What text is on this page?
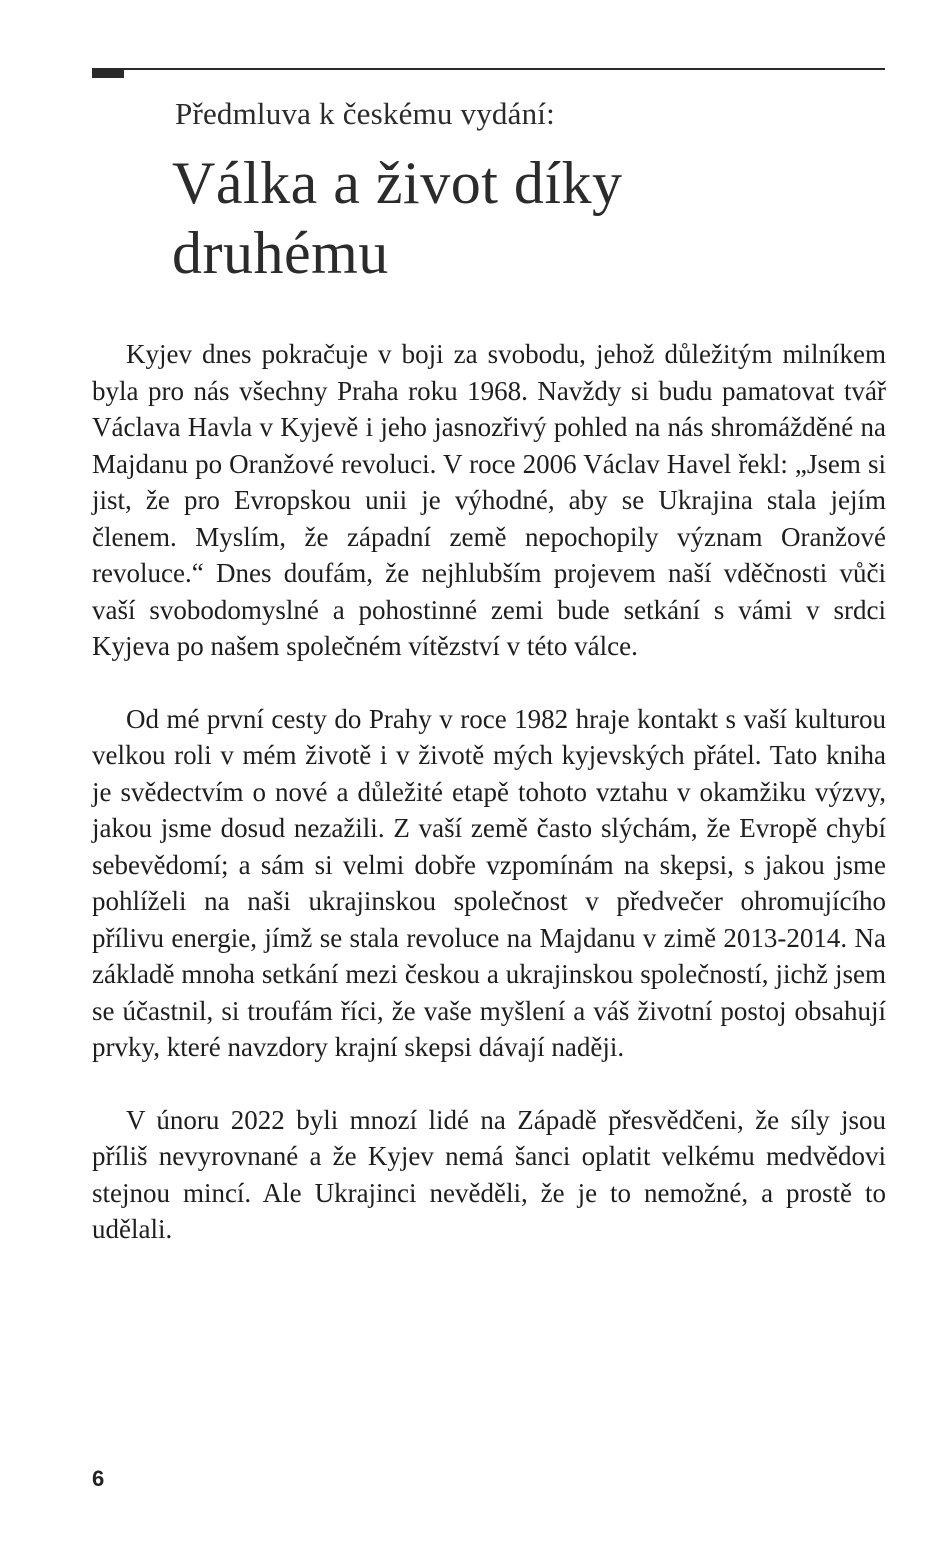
Předmluva k českému vydání:
Válka a život díky druhému

Kyjev dnes pokračuje v boji za svobodu, jehož důležitým milníkem byla pro nás všechny Praha roku 1968. Navždy si budu pamatovat tvář Václava Havla v Kyjevě i jeho jasnozřivý pohled na nás shromážděné na Majdanu po Oranžové revoluci. V roce 2006 Václav Havel řekl: „Jsem si jist, že pro Evropskou unii je výhodné, aby se Ukrajina stala jejím členem. Myslím, že západní země nepochopily význam Oranžové revoluce.“ Dnes doufám, že nejhlubším projevem naší vděčnosti vůči vaší svobodomyslné a pohostinné zemi bude setkání s vámi v srdci Kyjeva po našem společném vítězství v této válce.

Od mé první cesty do Prahy v roce 1982 hraje kontakt s vaší kulturou velkou roli v mém životě i v životě mých kyjevských přátel. Tato kniha je svědectvím o nové a důležité etapě tohoto vztahu v okamžiku výzvy, jakou jsme dosud nezažili. Z vaší země často slýchám, že Evropě chybí sebevědomí; a sám si velmi dobře vzpomínám na skepsi, s jakou jsme pohlíželi na naši ukrajinskou společnost v předvečer ohromujícího přílivu energie, jímž se stala revoluce na Majdanu v zimě 2013-2014. Na základě mnoha setkání mezi českou a ukrajinskou společností, jichž jsem se účastnil, si troufám říci, že vaše myšlení a váš životní postoj obsahují prvky, které navzdory krajní skepsi dávají naději.

V únoru 2022 byli mnozí lidé na Západě přesvědčeni, že síly jsou příliš nevyrovnané a že Kyjev nemá šanci oplatit velkému medvědovi stejnou mincí. Ale Ukrajinci nevěděli, že je to nemožné, a prostě to udělali.

6
